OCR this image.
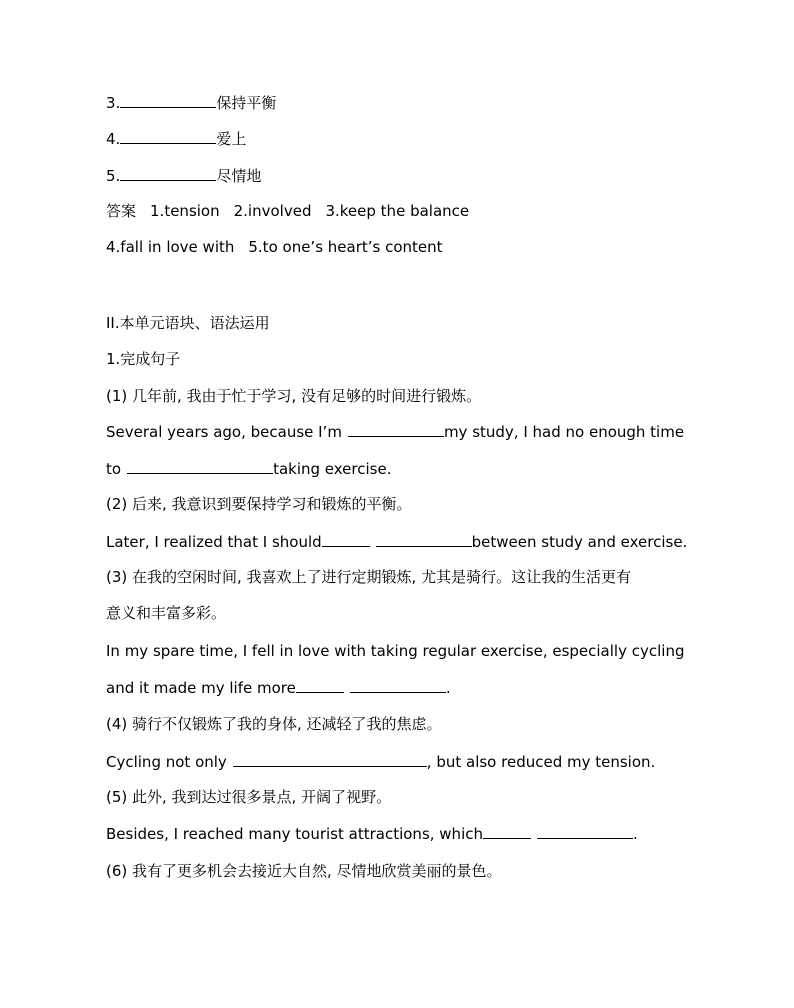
3.	保持平衡
4.	爱上
5.	尽情地
答案 1.tension 2.involved 3.keep the balance
4.fall in love with 5.to one’s heart’s content
II.本单元语块、语法运用
1.完成句子
(1) 几年前, 我由于忙于学习, 没有足够的时间进行锻炼。
Several years ago, because I’m	my study, I had no enough time
to	taking exercise.
(2) 后来, 我意识到要保持学习和锻炼的平衡。
Later, I realized that I should	between study and exercise.
(3) 在我的空闲时间, 我喜欢上了进行定期锻炼, 尤其是骑行。这让我的生活更有
意义和丰富多彩。
In my spare time, I fell in love with taking regular exercise, especially cycling
and it made my life more	.
(4) 骑行不仅锻炼了我的身体, 还减轻了我的焦虑。
Cycling not only	, but also reduced my tension.
(5) 此外, 我到达过很多景点, 开阔了视野。
Besides, I reached many tourist attractions, which	.
(6) 我有了更多机会去接近大自然, 尽情地欣赏美丽的景色。
